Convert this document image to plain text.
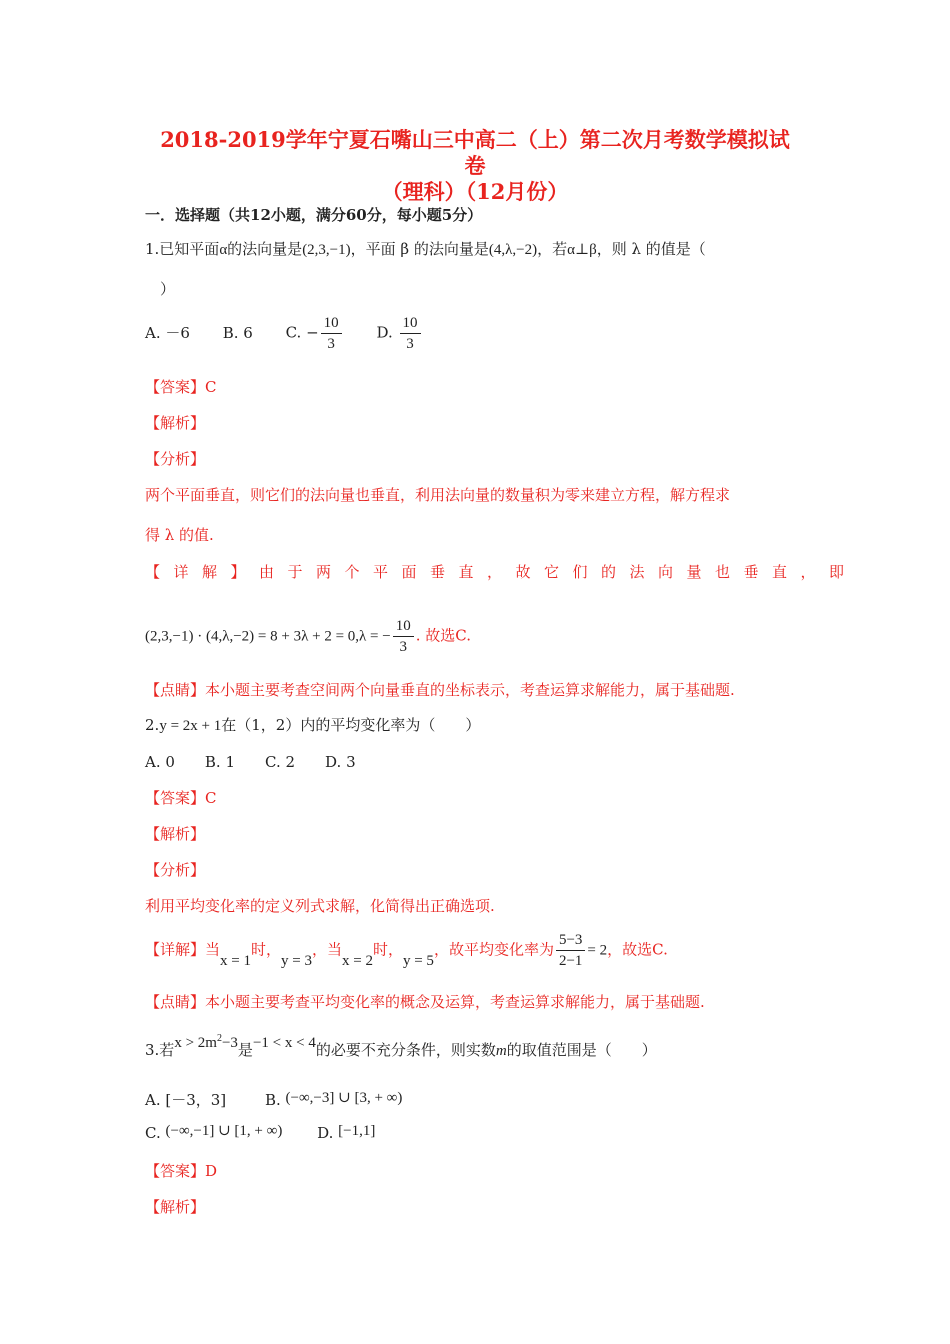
2018-2019学年宁夏石嘴山三中高二（上）第二次月考数学模拟试
卷
（理科）（12月份）
一．选择题（共12小题，满分60分，每小题5分）
1.已知平面α的法向量是(2,3,−1)，平面 β 的法向量是(4,λ,−2)，若α⊥β，则 λ 的值是（
）
A. －6 B. 6 C. − $\frac{10}{3} D$. $\frac{10}{3}$
【答案】C
【解析】
【分析】
两个平面垂直，则它们的法向量也垂直，利用法向量的数量积为零来建立方程，解方程求
得 λ 的值.
【详解】由于两个平面垂直，故它们的法向量也垂直，即
(2,3,−1) · (4,λ,−2) = 8 + 3λ + 2 = 0,λ = − $\frac{10}{3}$ . 故选C.
【点睛】本小题主要考查空间两个向量垂直的坐标表示，考查运算求解能力，属于基础题.
2.y = 2x + 1在（1，2）内的平均变化率为（　　）
A. 0　　B. 1　　C. 2　　D. 3
【答案】C
【解析】
【分析】
利用平均变化率的定义列式求解，化简得出正确选项.
【详解】当x = 1时，y = 3，当x = 2时，y = 5，故平均变化率为 $\frac{5-3}{2-1} = 2$，故选C.
【点睛】本小题主要考查平均变化率的概念及运算，考查运算求解能力，属于基础题.
3.若$x > 2m^2-3$是−1 < x < 4的必要不充分条件，则实数m的取值范围是（　　）
A. [－3，3]	B. (−∞,−3] ∪ [3, + ∞)
C. (−∞,−1] ∪ [1, + ∞) D. [−1,1]
【答案】D
【解析】
